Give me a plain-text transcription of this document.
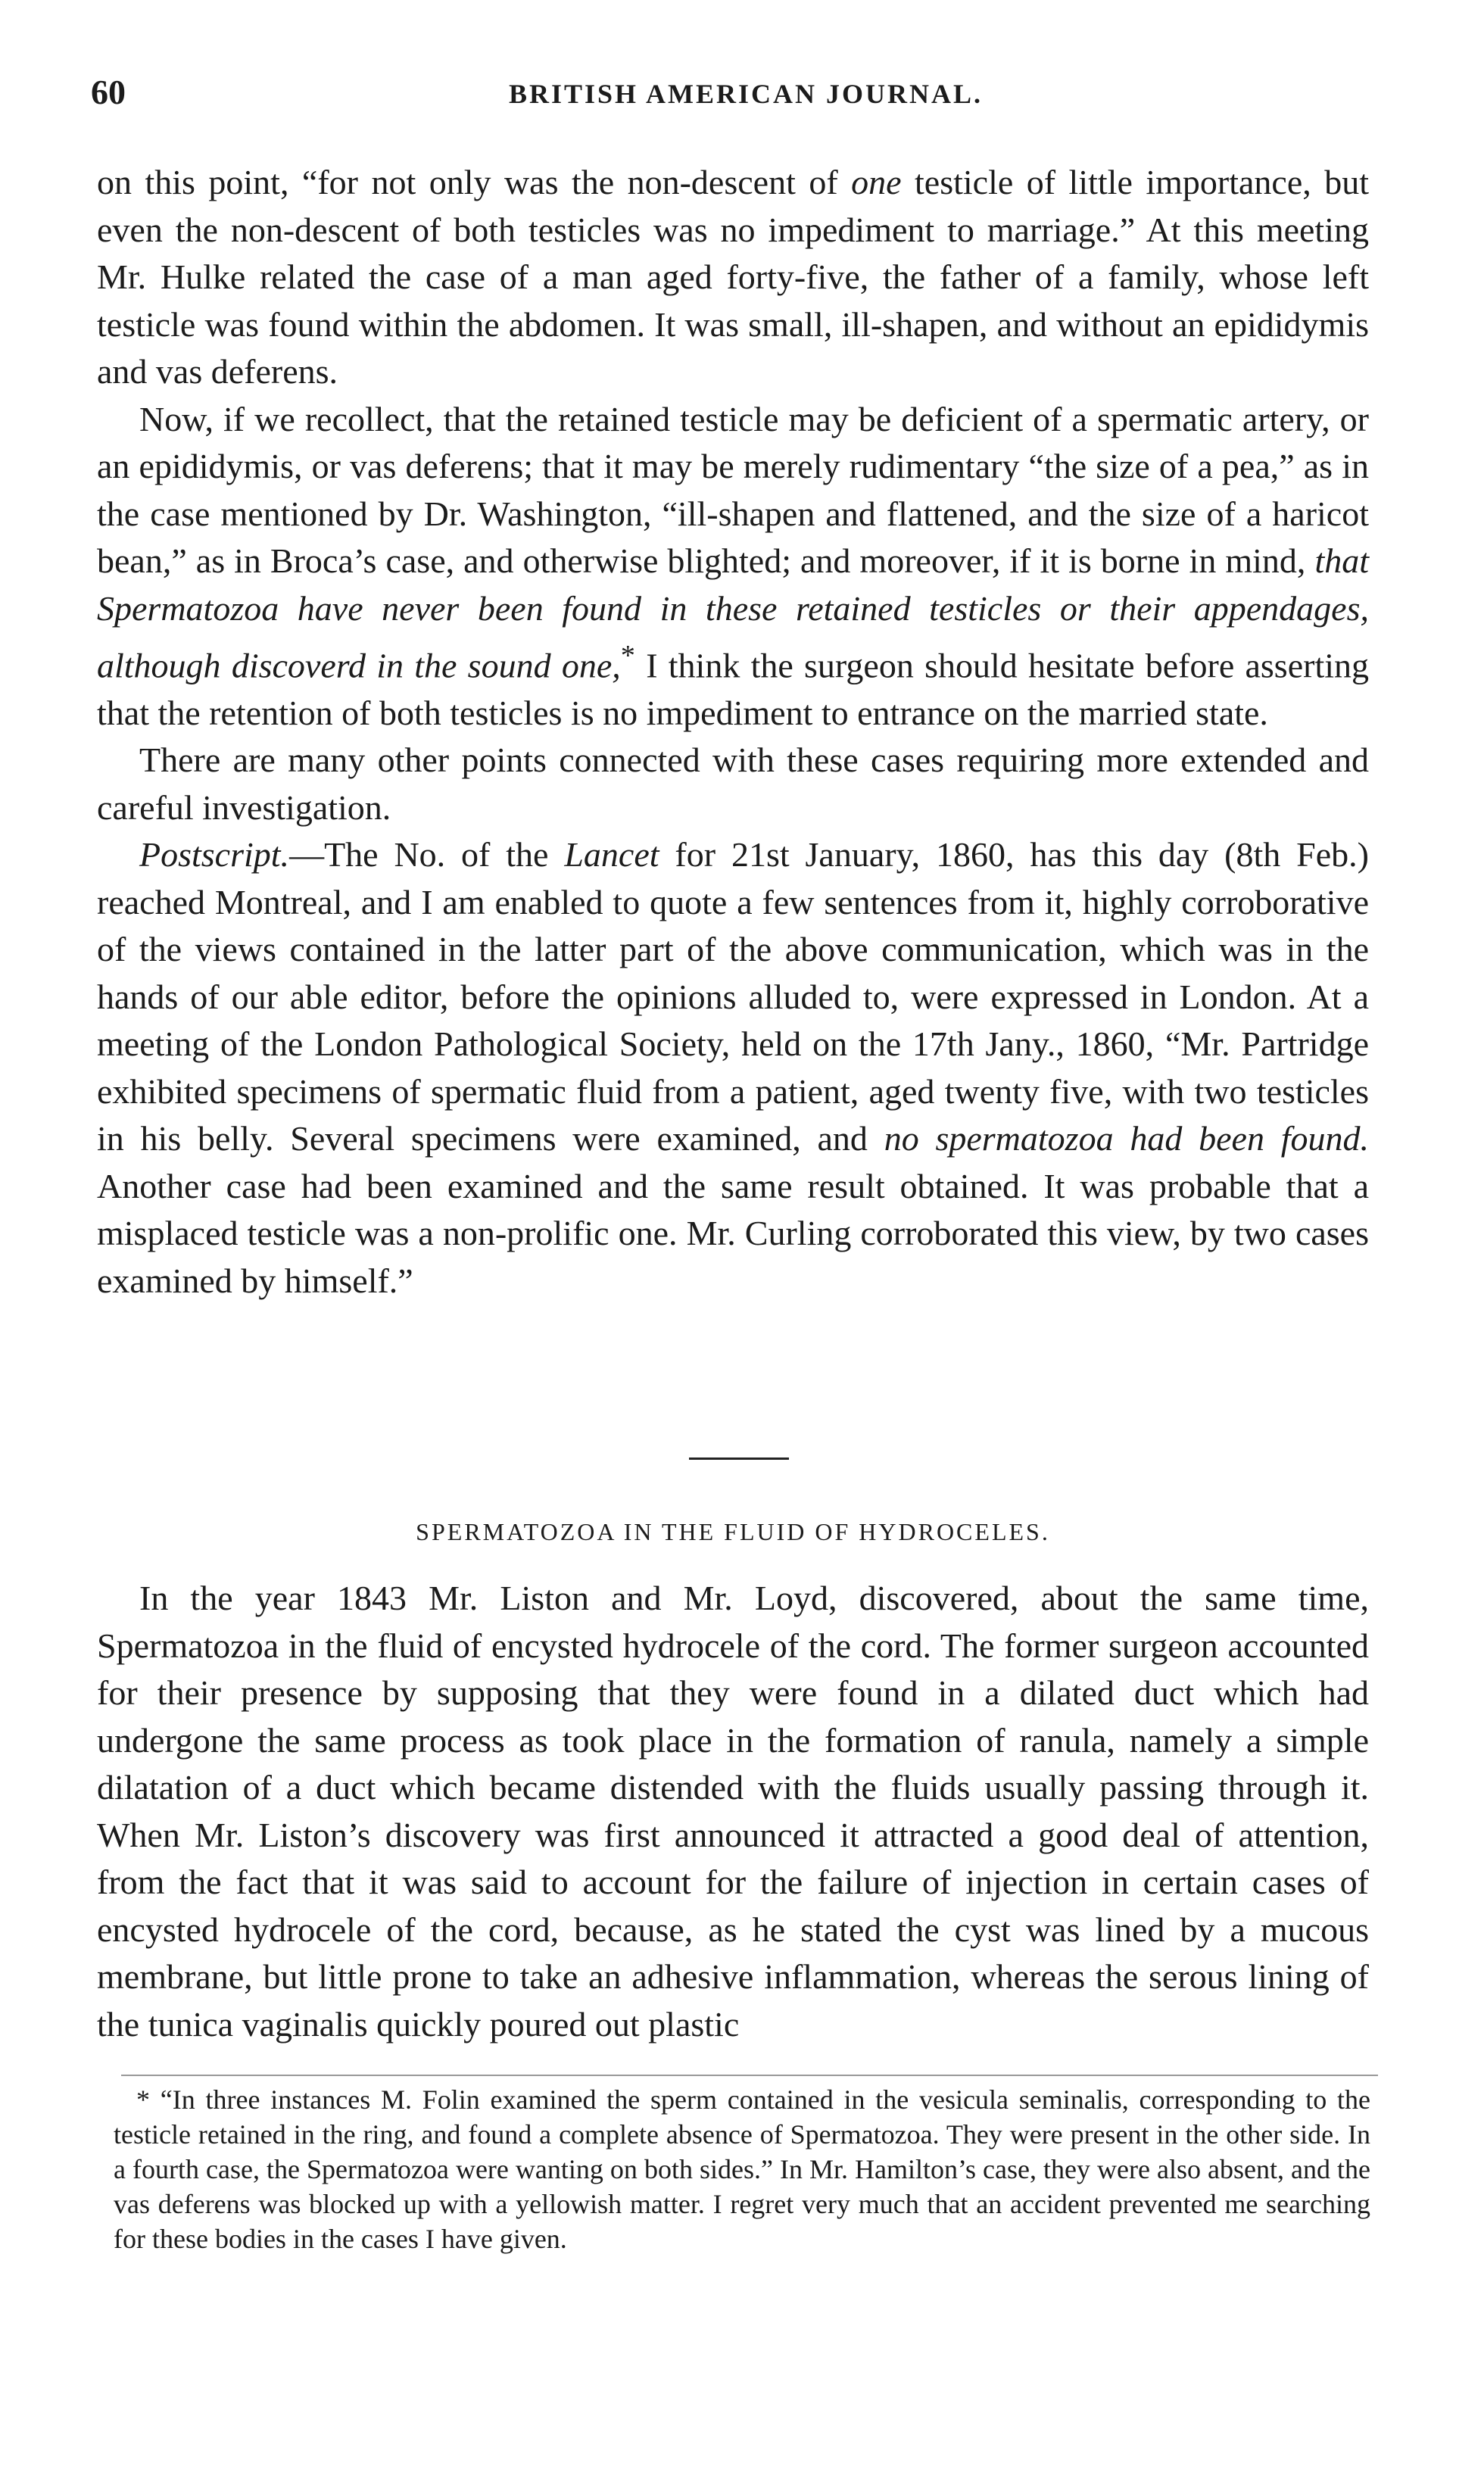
60	BRITISH AMERICAN JOURNAL.

on this point, “for not only was the non-descent of one testicle of little importance, but even the non-descent of both testicles was no impediment to marriage.” At this meeting Mr. Hulke related the case of a man aged forty-five, the father of a family, whose left testicle was found within the abdomen. It was small, ill-shapen, and without an epididymis and vas deferens.

Now, if we recollect, that the retained testicle may be deficient of a spermatic artery, or an epididymis, or vas deferens; that it may be merely rudimentary “the size of a pea,” as in the case mentioned by Dr. Washington, “ill-shapen and flattened, and the size of a haricot bean,” as in Broca’s case, and otherwise blighted; and moreover, if it is borne in mind, that Spermatozoa have never been found in these retained testicles or their appendages, although discoverd in the sound one,* I think the surgeon should hesitate before asserting that the retention of both testicles is no impediment to entrance on the married state.

There are many other points connected with these cases requiring more extended and careful investigation.

Postscript.—The No. of the Lancet for 21st January, 1860, has this day (8th Feb.) reached Montreal, and I am enabled to quote a few sentences from it, highly corroborative of the views contained in the latter part of the above communication, which was in the hands of our able editor, before the opinions alluded to, were expressed in London. At a meeting of the London Pathological Society, held on the 17th Jany., 1860, “Mr. Partridge exhibited specimens of spermatic fluid from a patient, aged twenty five, with two testicles in his belly. Several specimens were examined, and no spermatozoa had been found. Another case had been examined and the same result obtained. It was probable that a misplaced testicle was a non-prolific one. Mr. Curling corroborated this view, by two cases examined by himself.”

SPERMATOZOA IN THE FLUID OF HYDROCELES.

In the year 1843 Mr. Liston and Mr. Loyd, discovered, about the same time, Spermatozoa in the fluid of encysted hydrocele of the cord. The former surgeon accounted for their presence by supposing that they were found in a dilated duct which had undergone the same process as took place in the formation of ranula, namely a simple dilatation of a duct which became distended with the fluids usually passing through it. When Mr. Liston’s discovery was first announced it attracted a good deal of attention, from the fact that it was said to account for the failure of injection in certain cases of encysted hydrocele of the cord, because, as he stated the cyst was lined by a mucous membrane, but little prone to take an adhesive inflammation, whereas the serous lining of the tunica vaginalis quickly poured out plastic

* “In three instances M. Folin examined the sperm contained in the vesicula seminalis, corresponding to the testicle retained in the ring, and found a complete absence of Spermatozoa. They were present in the other side. In a fourth case, the Spermatozoa were wanting on both sides.” In Mr. Hamilton’s case, they were also absent, and the vas deferens was blocked up with a yellowish matter. I regret very much that an accident prevented me searching for these bodies in the cases I have given.
